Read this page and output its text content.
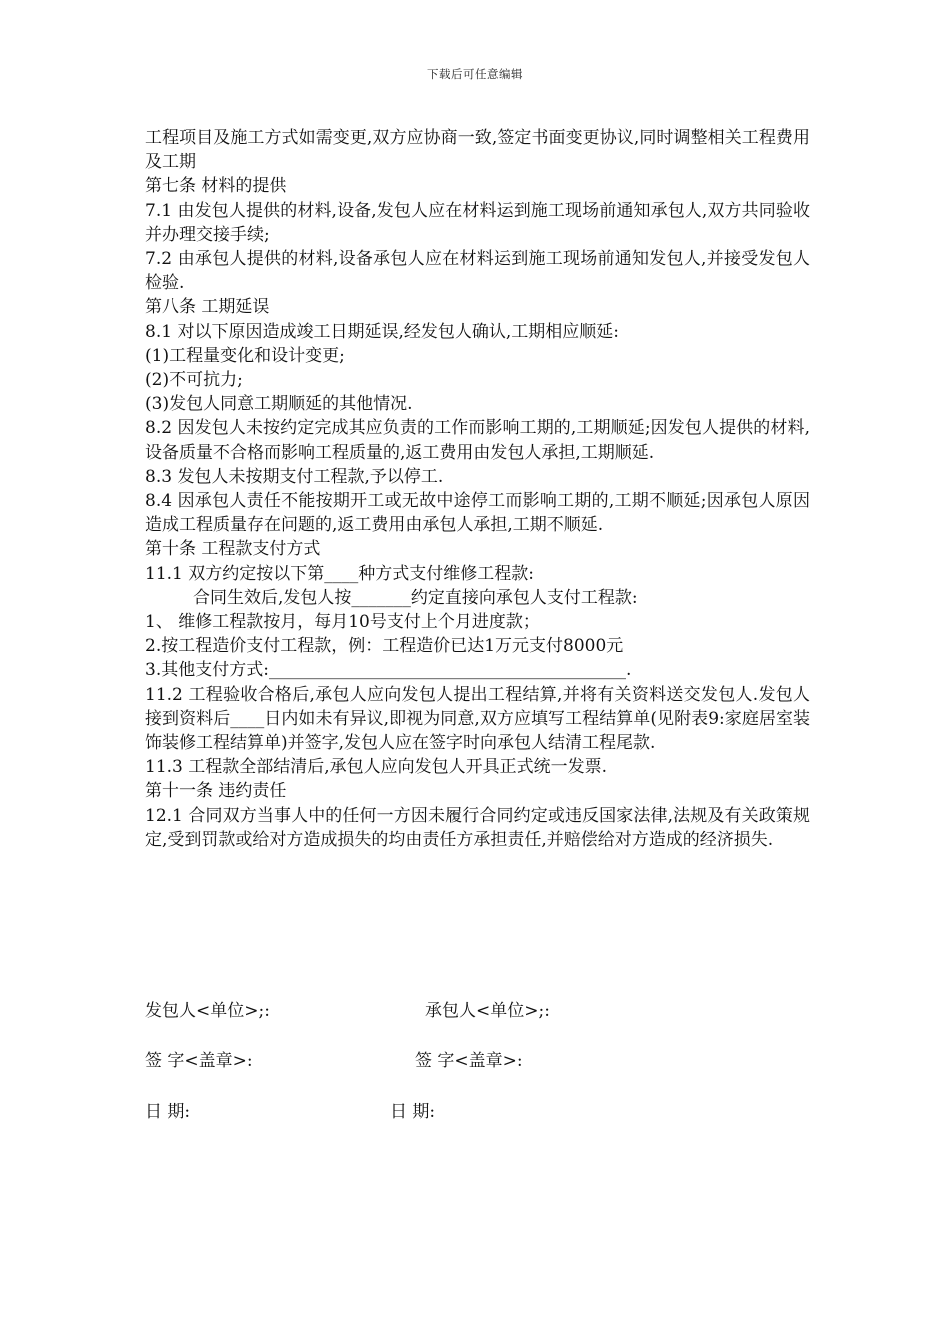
下载后可任意编辑

工程项目及施工方式如需变更,双方应协商一致,签定书面变更协议,同时调整相关工程费用及工期

第七条 材料的提供

7.1 由发包人提供的材料,设备,发包人应在材料运到施工现场前通知承包人,双方共同验收并办理交接手续;

7.2 由承包人提供的材料,设备承包人应在材料运到施工现场前通知发包人,并接受发包人检验.

第八条 工期延误

8.1 对以下原因造成竣工日期延误,经发包人确认,工期相应顺延:

(1)工程量变化和设计变更;

(2)不可抗力;

(3)发包人同意工期顺延的其他情况.

8.2 因发包人未按约定完成其应负责的工作而影响工期的,工期顺延;因发包人提供的材料,设备质量不合格而影响工程质量的,返工费用由发包人承担,工期顺延.

8.3 发包人未按期支付工程款,予以停工.

8.4 因承包人责任不能按期开工或无故中途停工而影响工期的,工期不顺延;因承包人原因造成工程质量存在问题的,返工费用由承包人承担,工期不顺延.

第十条 工程款支付方式

11.1 双方约定按以下第____种方式支付维修工程款:

合同生效后,发包人按_______约定直接向承包人支付工程款:

1、 维修工程款按月，每月10号支付上个月进度款；

2.按工程造价支付工程款，例：工程造价已达1万元支付8000元

3.其他支付方式:__________________________________________.

11.2 工程验收合格后,承包人应向发包人提出工程结算,并将有关资料送交发包人.发包人接到资料后____日内如未有异议,即视为同意,双方应填写工程结算单(见附表9:家庭居室装饰装修工程结算单)并签字,发包人应在签字时向承包人结清工程尾款.

11.3 工程款全部结清后,承包人应向发包人开具正式统一发票.

第十一条 违约责任

12.1 合同双方当事人中的任何一方因未履行合同约定或违反国家法律,法规及有关政策规定,受到罚款或给对方造成损失的均由责任方承担责任,并赔偿给对方造成的经济损失.

发包人<单位>;:	承包人<单位>;:
签 字<盖章>:	签 字<盖章>:
日 期:	日 期:
